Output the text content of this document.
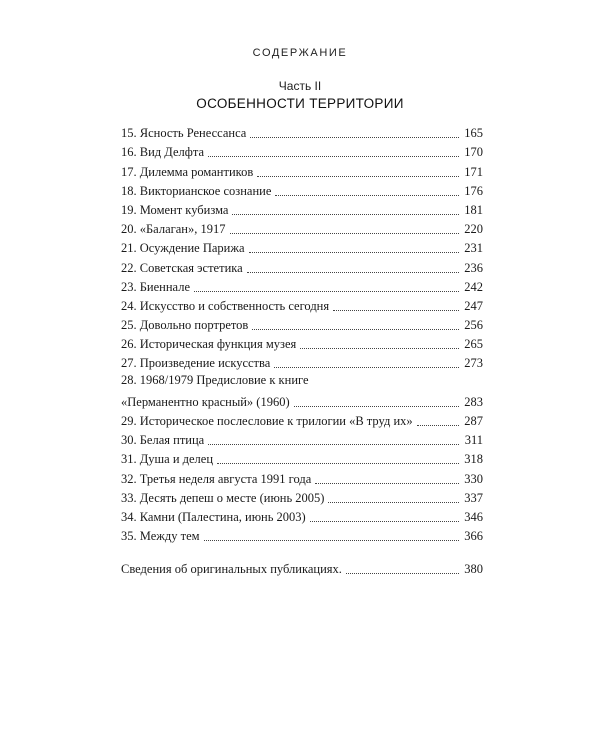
СОДЕРЖАНИЕ
Часть II
ОСОБЕННОСТИ ТЕРРИТОРИИ
15. Ясность Ренессанса	165
16. Вид Делфта	170
17. Дилемма романтиков	171
18. Викторианское сознание	176
19. Момент кубизма	181
20. «Балаган», 1917	220
21. Осуждение Парижа	231
22. Советская эстетика	236
23. Биеннале	242
24. Искусство и собственность сегодня	247
25. Довольно портретов	256
26. Историческая функция музея	265
27. Произведение искусства	273
28. 1968/1979 Предисловие к книге
«Перманентно красный» (1960)	283
29. Историческое послесловие к трилогии «В труд их»	287
30. Белая птица	311
31. Душа и делец	318
32. Третья неделя августа 1991 года	330
33. Десять депеш о месте (июнь 2005)	337
34. Камни (Палестина, июнь 2003)	346
35. Между тем	366
Сведения об оригинальных публикациях.	380
